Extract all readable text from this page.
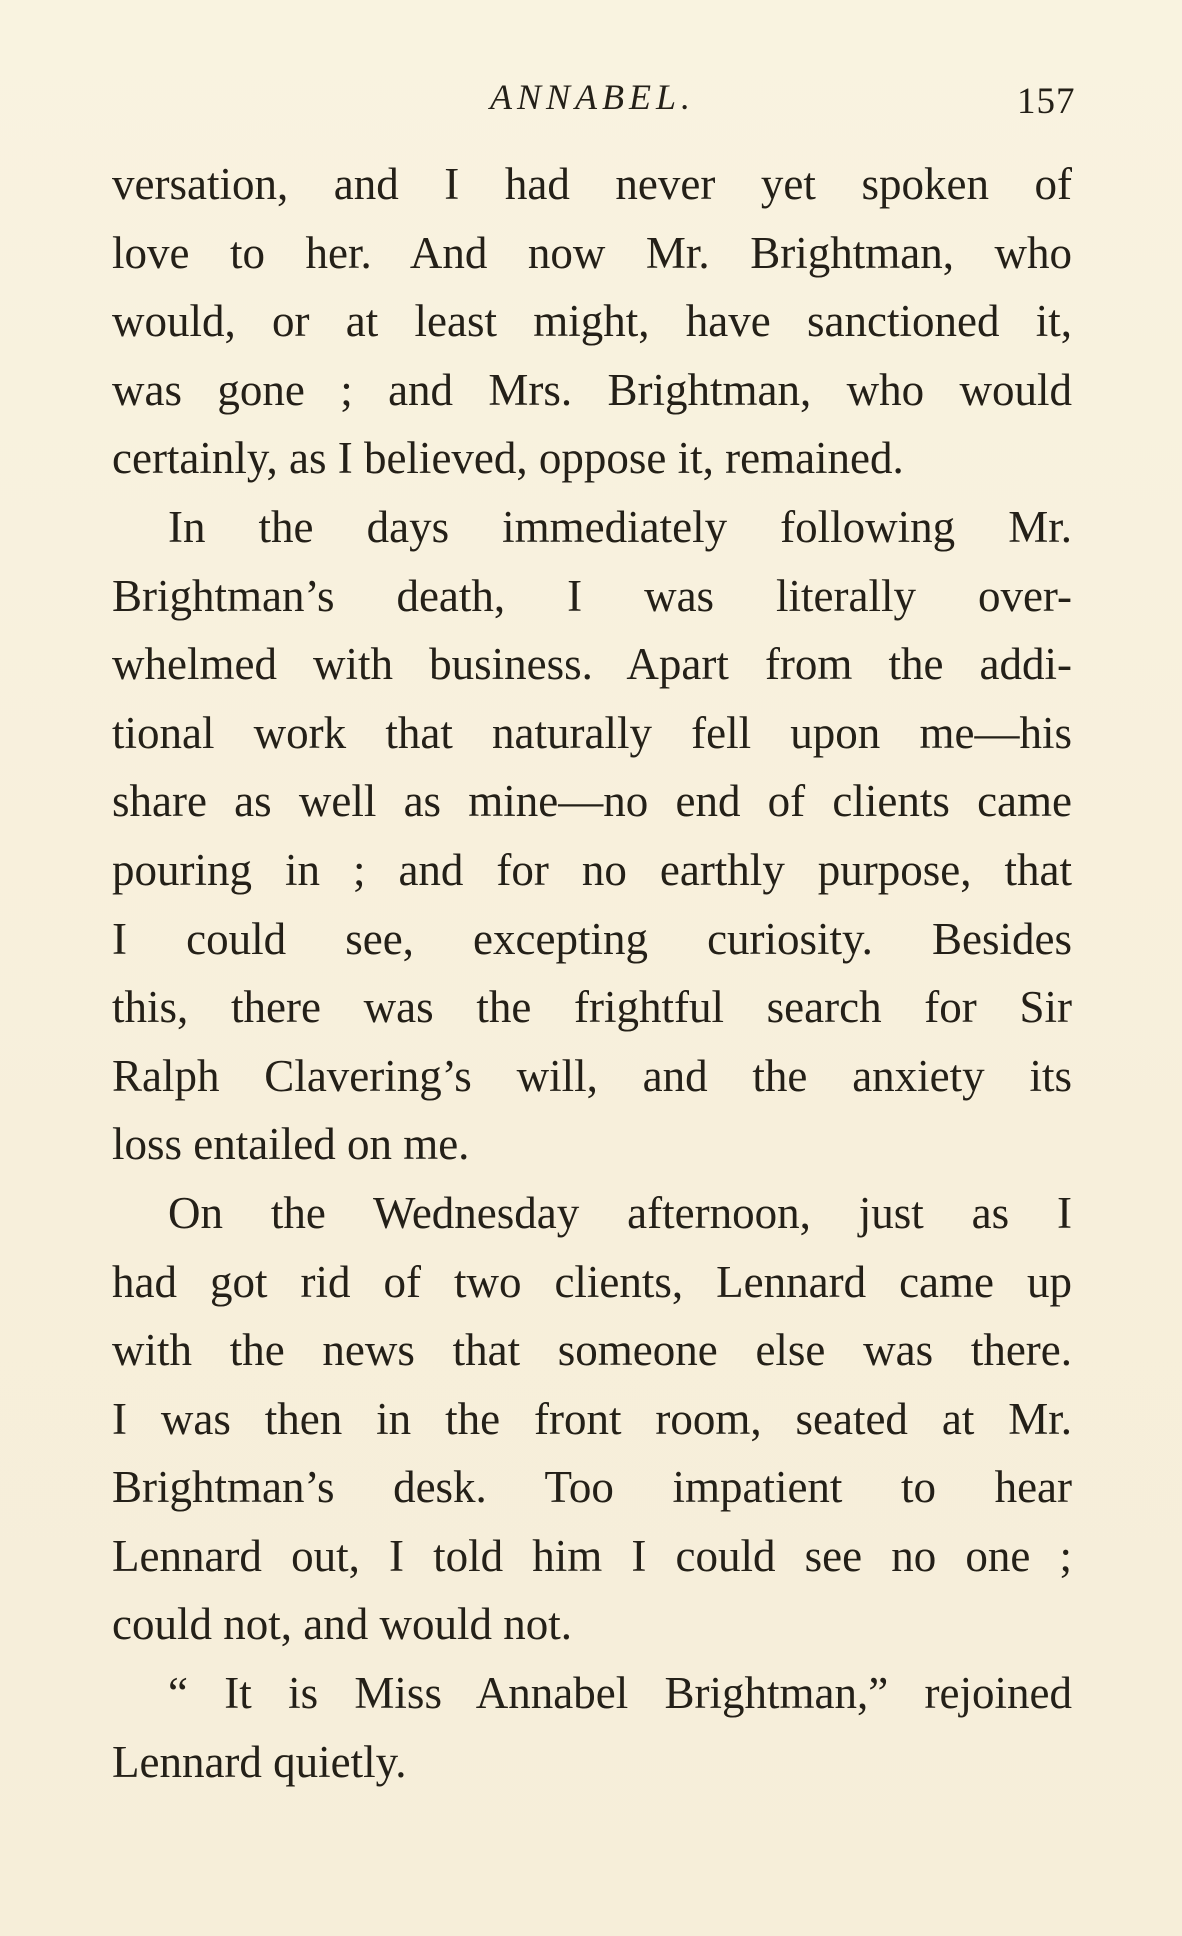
ANNABEL.	157
versation, and I had never yet spoken of
love to her. And now Mr. Brightman, who
would, or at least might, have sanctioned it,
was gone ; and Mrs. Brightman, who would
certainly, as I believed, oppose it, remained.
In the days immediately following Mr.
Brightman’s death, I was literally over-
whelmed with business. Apart from the addi-
tional work that naturally fell upon me—his
share as well as mine—no end of clients came
pouring in ; and for no earthly purpose, that
I could see, excepting curiosity. Besides
this, there was the frightful search for Sir
Ralph Clavering’s will, and the anxiety its
loss entailed on me.
On the Wednesday afternoon, just as I
had got rid of two clients, Lennard came up
with the news that someone else was there.
I was then in the front room, seated at Mr.
Brightman’s desk. Too impatient to hear
Lennard out, I told him I could see no one ;
could not, and would not.
“ It is Miss Annabel Brightman,” rejoined
Lennard quietly.
